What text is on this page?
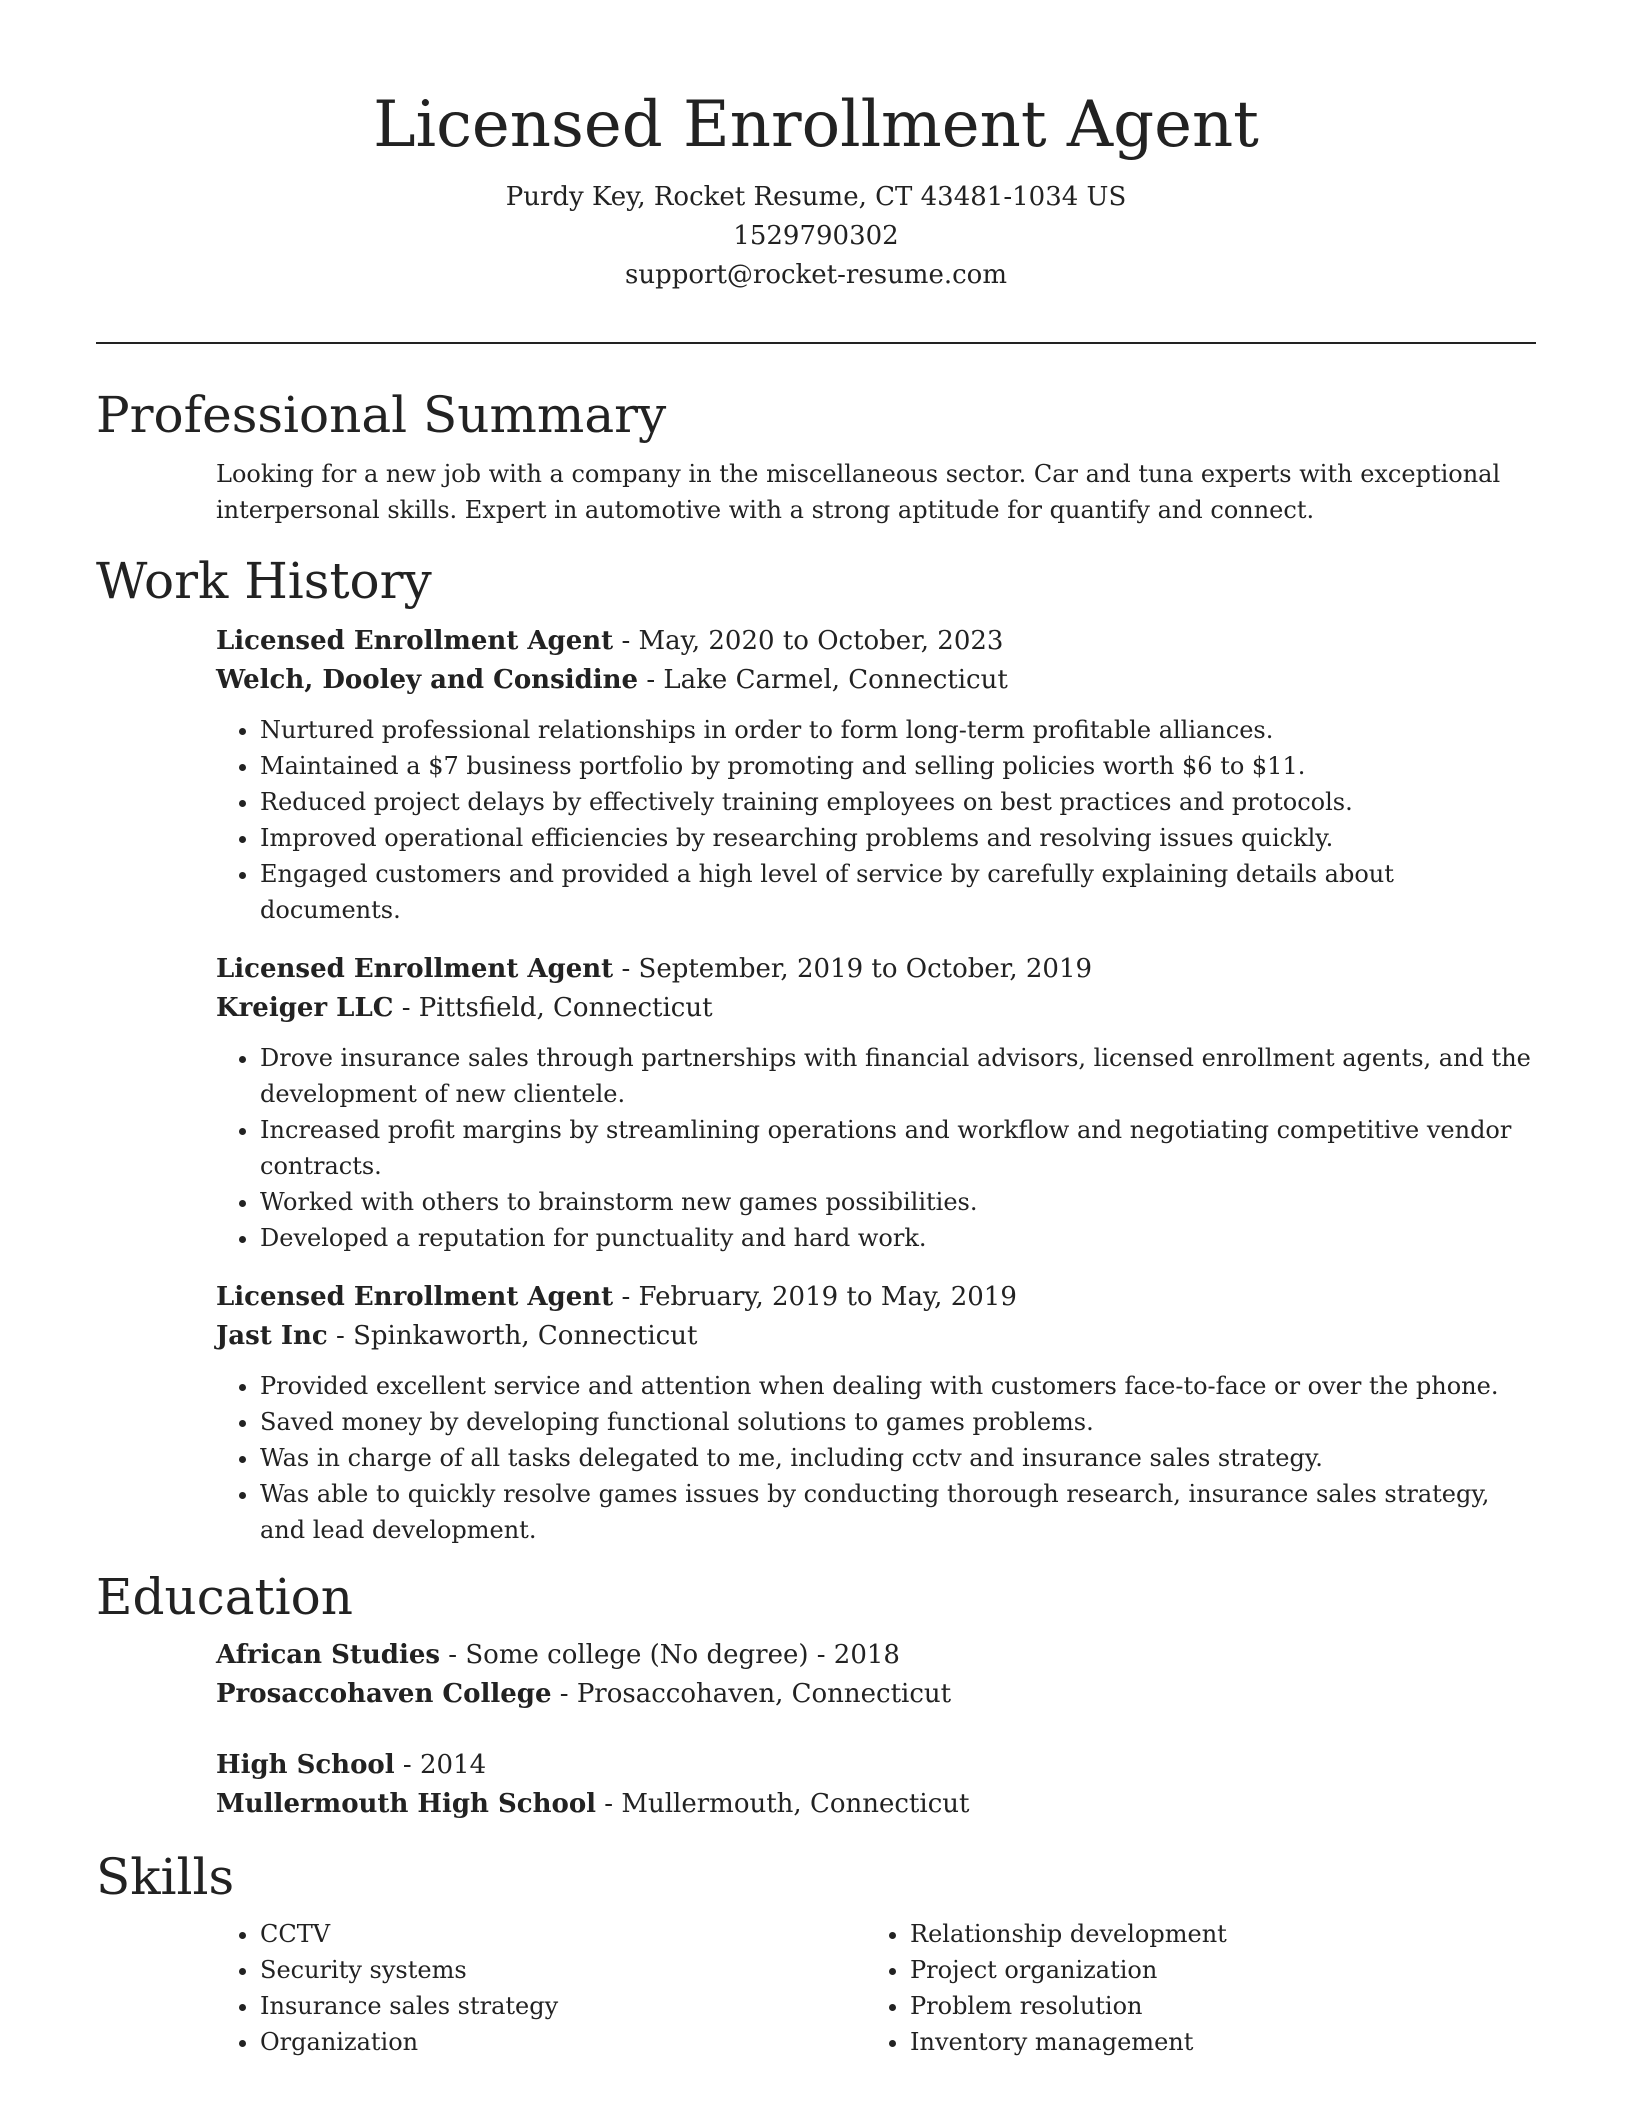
Licensed Enrollment Agent
Purdy Key, Rocket Resume, CT 43481-1034 US
1529790302
support@rocket-resume.com
Professional Summary

Looking for a new job with a company in the miscellaneous sector. Car and tuna experts with exceptional interpersonal skills. Expert in automotive with a strong aptitude for quantify and connect.

Work History
Licensed Enrollment Agent - May, 2020 to October, 2023
Welch, Dooley and Considine - Lake Carmel, Connecticut
• Nurtured professional relationships in order to form long-term profitable alliances.
• Maintained a $7 business portfolio by promoting and selling policies worth $6 to $11.
• Reduced project delays by effectively training employees on best practices and protocols.
• Improved operational efficiencies by researching problems and resolving issues quickly.
• Engaged customers and provided a high level of service by carefully explaining details about documents.
Licensed Enrollment Agent - September, 2019 to October, 2019
Kreiger LLC - Pittsfield, Connecticut
• Drove insurance sales through partnerships with financial advisors, licensed enrollment agents, and the development of new clientele.
• Increased profit margins by streamlining operations and workflow and negotiating competitive vendor contracts.
• Worked with others to brainstorm new games possibilities.
• Developed a reputation for punctuality and hard work.
Licensed Enrollment Agent - February, 2019 to May, 2019
Jast Inc - Spinkaworth, Connecticut
• Provided excellent service and attention when dealing with customers face-to-face or over the phone.
• Saved money by developing functional solutions to games problems.
• Was in charge of all tasks delegated to me, including cctv and insurance sales strategy.
• Was able to quickly resolve games issues by conducting thorough research, insurance sales strategy, and lead development.
Education
African Studies - Some college (No degree) - 2018
Prosaccohaven College - Prosaccohaven, Connecticut
High School - 2014
Mullermouth High School - Mullermouth, Connecticut
Skills
• CCTV
• Security systems
• Insurance sales strategy
• Organization
• Relationship development
• Project organization
• Problem resolution
• Inventory management
